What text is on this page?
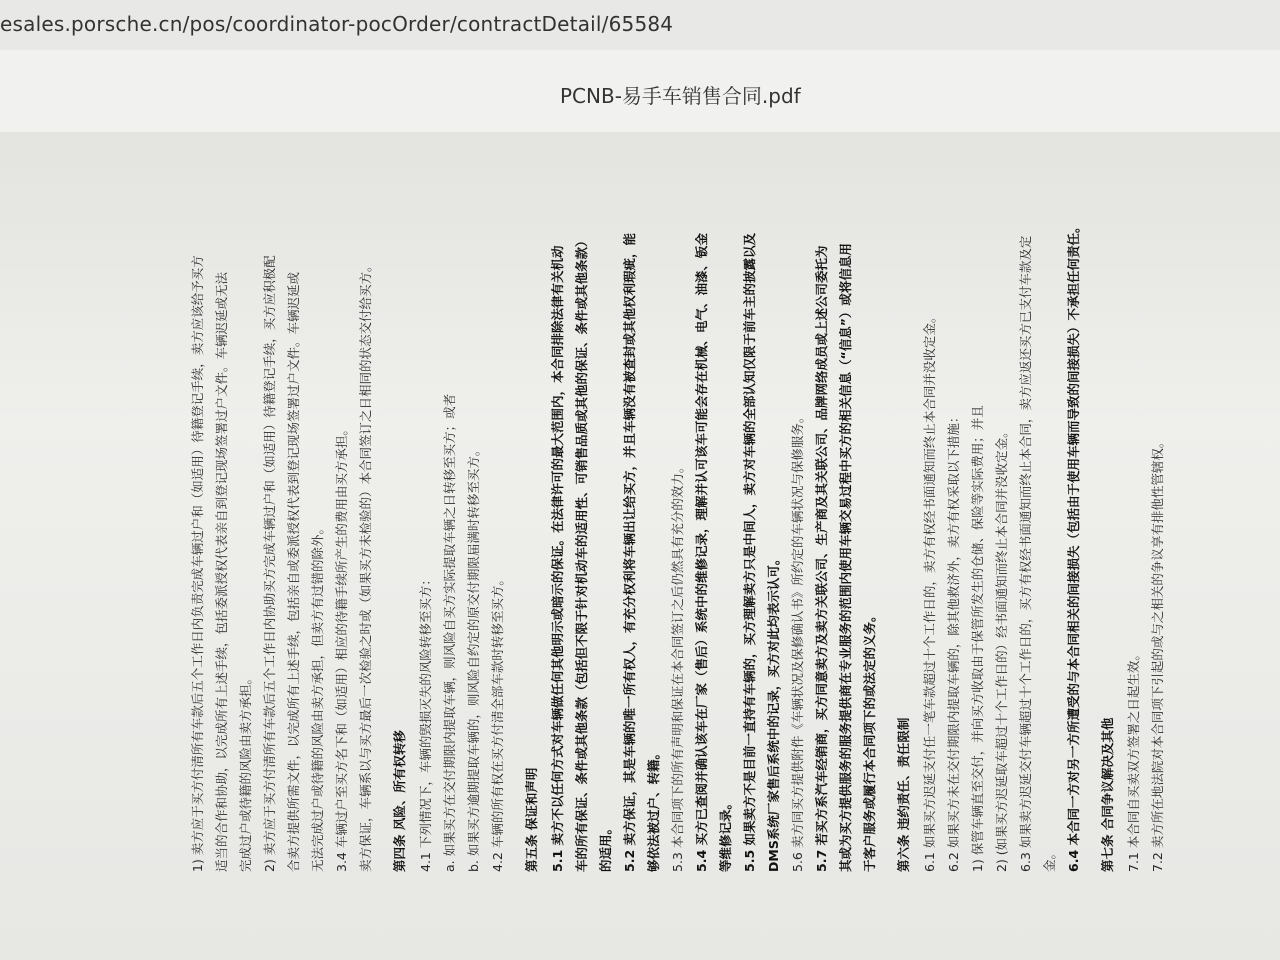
esales.porsche.cn/pos/coordinator-pocOrder/contractDetail/65584
PCNB-易手车销售合同.pdf
1) 卖方应于买方付清所有车款后五个工作日内负责完成车辆过户和（如适用）待籍登记手续，卖方应该给予买方 适当的合作和协助，以完成所有上述手续，包括委派授权代表亲自到登记现场签署过户文件。车辆迟延或无法 完成过户或待籍的风险由卖方承担。 2) 卖方应于买方付清所有车款后五个工作日内协助买方完成车辆过户和（如适用）待籍登记手续，买方应积极配 合卖方提供所需文件，以完成所有上述手续，包括亲自或委派授权代表到登记现场签署过户文件。车辆迟延或 无法完成过户或待籍的风险由卖方承担，但卖方有过错的除外。 3.4 车辆过户至买方名下和（如适用）相应的待籍手续所产生的费用由买方承担。 卖方保证，车辆系以与买方最后一次检验之时或（如果买方未检验的）本合同签订之日相同的状态交付给买方。 第四条 风险、所有权转移 4.1 下列情况下，车辆的毁损灭失的风险转移至买方： a. 如果买方在交付期限内提取车辆，则风险自买方实际提取车辆之日转移至买方；或者 b. 如果买方逾期提取车辆的，则风险自约定的原交付期限届满时转移至买方。 4.2 车辆的所有权在买方付清全部车款时转移至买方。 第五条 保证和声明 5.1 卖方不以任何方式对车辆做任何其他明示或暗示的保证。在法律许可的最大范围内，本合同排除法律有关机动 车的所有保证、条件或其他条款（包括但不限于针对机动车的适用性、可销售品质或其他的保证、条件或其他条款） 的适用。 5.2 卖方保证，其是车辆的唯一所有权人，有充分权利将车辆出让给买方，并且车辆没有被查封或其他权利瑕疵，能 够依法被过户、转籍。 5.3 本合同项下的所有声明和保证在本合同签订之后仍然具有充分的效力。 5.4 买方已查阅并确认该车在厂家（售后）系统中的维修记录，理解并认可该车可能会存在机械、电气、油漆、钣金 等维修记录。 5.5 如果卖方不是目前一直持有车辆的，买方理解卖方只是中间人，卖方对车辆的全部认知仅限于前车主的披露以及 DMS系统厂家售后系统中的记录，买方对此均表示认可。 5.6 卖方同买方提供附件《车辆状况及保修确认书》所约定的车辆状况与保修服务。 5.7 若买方系汽车经销商，买方同意卖方及卖方关联公司、生产商及其关联公司、品牌网络成员或上述公司委托为 其或为买方提供服务的服务提供商在专业服务的范围内使用车辆交易过程中买方的相关信息（“信息”）或将信息用 于客户服务或履行本合同项下的或法定的义务。 第六条 违约责任、责任限制 6.1 如果买方迟延支付任一笔车款超过十个工作日的，卖方有权经书面通知而终止本合同并没收定金。 6.2 如果买方未在交付期限内提取车辆的，除其他救济外，卖方有权采取以下措施： 1) 保管车辆直至交付，并向买方收取由于保管所发生的仓储、保险等实际费用；并且 2) (如果买方迟延取车超过十个工作日的）经书面通知而终止本合同并没收定金。 6.3 如果卖方迟延交付车辆超过十个工作日的，买方有权经书面通知而终止本合同，卖方应返还买方已支付车款及定 金。 6.4 本合同一方对另一方所遭受的与本合同相关的间接损失（包括由于使用车辆而导致的间接损失）不承担任何责任。 第七条 合同争议解决及其他 7.1 本合同自买卖双方签署之日起生效。 7.2 卖方所在地法院对本合同项下引起的或与之相关的争议享有排他性管辖权。
